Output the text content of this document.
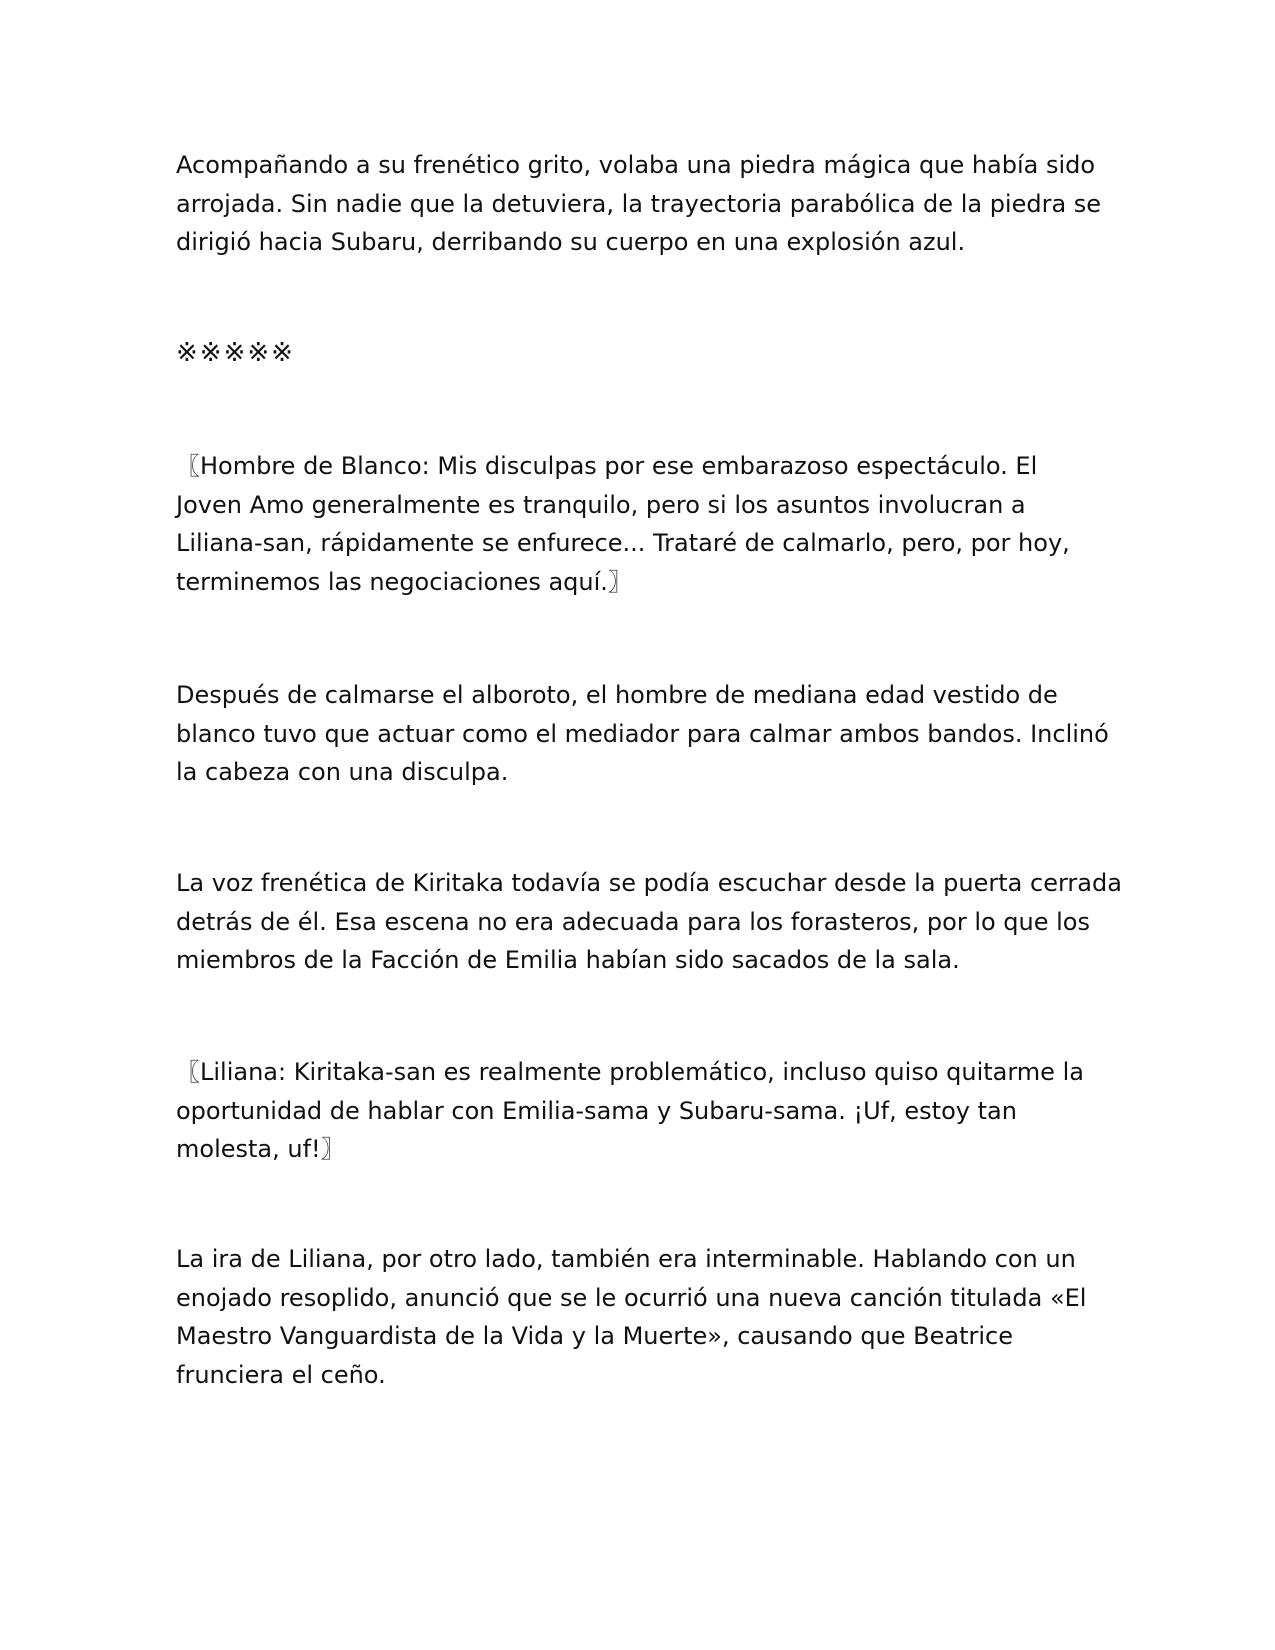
Acompañando a su frenético grito, volaba una piedra mágica que había sido
arrojada. Sin nadie que la detuviera, la trayectoria parabólica de la piedra se
dirigió hacia Subaru, derribando su cuerpo en una explosión azul.
※※※※※
〖Hombre de Blanco: Mis disculpas por ese embarazoso espectáculo. El
Joven Amo generalmente es tranquilo, pero si los asuntos involucran a
Liliana-san, rápidamente se enfurece... Trataré de calmarlo, pero, por hoy,
terminemos las negociaciones aquí.〗
Después de calmarse el alboroto, el hombre de mediana edad vestido de
blanco tuvo que actuar como el mediador para calmar ambos bandos. Inclinó
la cabeza con una disculpa.
La voz frenética de Kiritaka todavía se podía escuchar desde la puerta cerrada
detrás de él. Esa escena no era adecuada para los forasteros, por lo que los
miembros de la Facción de Emilia habían sido sacados de la sala.
〖Liliana: Kiritaka-san es realmente problemático, incluso quiso quitarme la
oportunidad de hablar con Emilia-sama y Subaru-sama. ¡Uf, estoy tan
molesta, uf!〗
La ira de Liliana, por otro lado, también era interminable. Hablando con un
enojado resoplido, anunció que se le ocurrió una nueva canción titulada «El
Maestro Vanguardista de la Vida y la Muerte», causando que Beatrice
frunciera el ceño.
